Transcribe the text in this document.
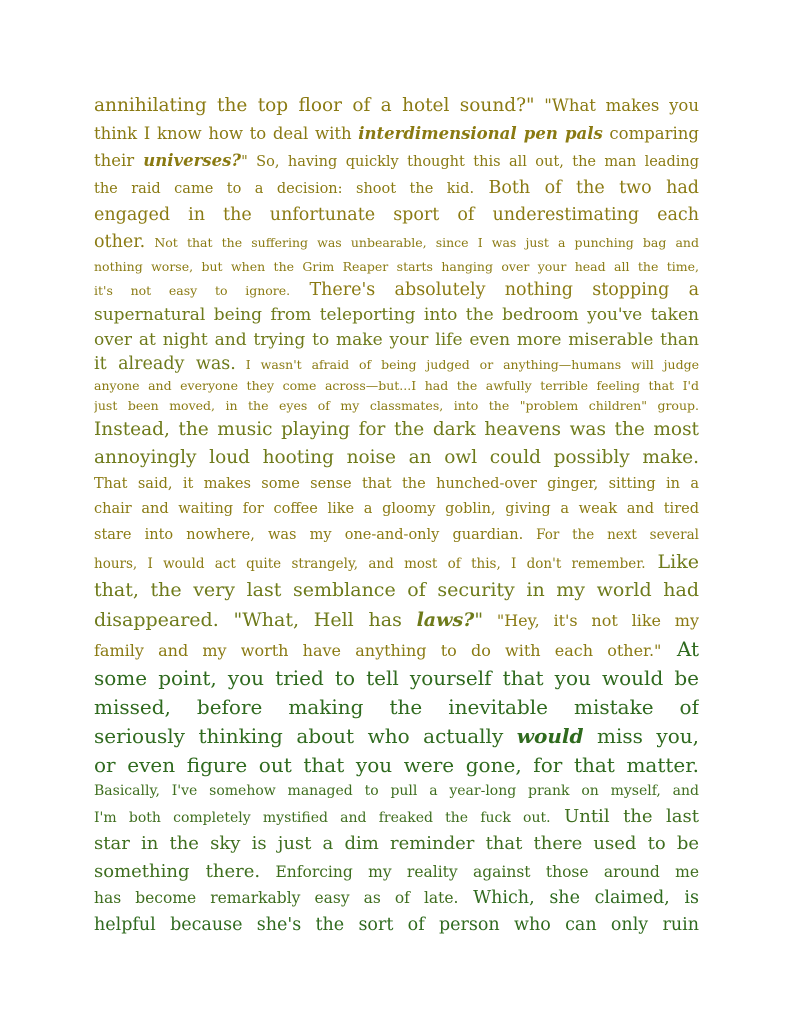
annihilating the top floor of a hotel sound?" "What makes you
think I know how to deal with interdimensional pen pals comparing
their universes?" So, having quickly thought this all out, the man leading
the raid came to a decision: shoot the kid. Both of the two had
engaged in the unfortunate sport of underestimating each
other. Not that the suffering was unbearable, since I was just a punching bag and
nothing worse, but when the Grim Reaper starts hanging over your head all the time,
it's not easy to ignore. There's absolutely nothing stopping a
supernatural being from teleporting into the bedroom you've taken
over at night and trying to make your life even more miserable than
it already was. I wasn't afraid of being judged or anything—humans will judge
anyone and everyone they come across—but...I had the awfully terrible feeling that I'd
just been moved, in the eyes of my classmates, into the "problem children" group.
Instead, the music playing for the dark heavens was the most
annoyingly loud hooting noise an owl could possibly make.
That said, it makes some sense that the hunched-over ginger, sitting in a
chair and waiting for coffee like a gloomy goblin, giving a weak and tired
stare into nowhere, was my one-and-only guardian. For the next several
hours, I would act quite strangely, and most of this, I don't remember. Like
that, the very last semblance of security in my world had
disappeared. "What, Hell has laws?" "Hey, it's not like my
family and my worth have anything to do with each other." At
some point, you tried to tell yourself that you would be
missed, before making the inevitable mistake of
seriously thinking about who actually would miss you,
or even figure out that you were gone, for that matter.
Basically, I've somehow managed to pull a year-long prank on myself, and
I'm both completely mystified and freaked the fuck out. Until the last
star in the sky is just a dim reminder that there used to be
something there. Enforcing my reality against those around me
has become remarkably easy as of late. Which, she claimed, is
helpful because she's the sort of person who can only ruin
